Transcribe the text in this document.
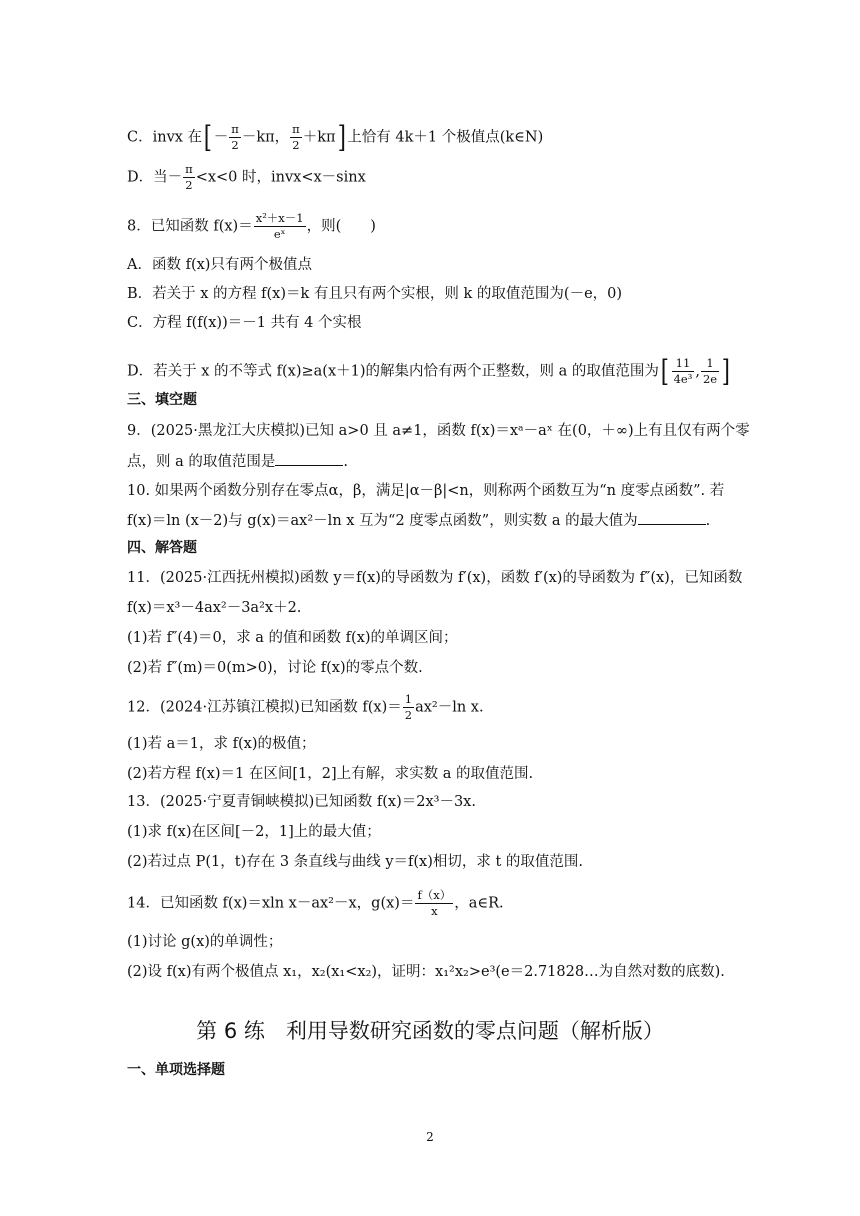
C．invx 在[ － $\frac{\pi}{2} -k\pi$， $\frac{\pi}{2} +k\pi$] 上恰有 4k＋1 个极值点(k∈N)
D．当－ $\frac{\pi}{2} <x<0$ 时，invx<x－sinx
8．已知函数 $f(x)= \frac{\text{x²＋x－1}}{\text{eˣ}}$ ，则(　　)
A．函数 f(x)只有两个极值点
B．若关于 x 的方程 f(x)＝k 有且只有两个实根，则 k 的取值范围为(－e，0)
C．方程 f(f(x))＝－1 共有 4 个实根
D．若关于 x 的不等式 f(x)≥a(x＋1)的解集内恰有两个正整数，则 a 的取值范围为[ $\frac{11}{\text{4e³}}$ , $\frac{1}{2e}$ ]
三、填空题
9．(2025·黑龙江大庆模拟)已知 a>0 且 a≠1，函数 f(x)＝xᵃ－aˣ 在(0，＋∞)上有且仅有两个零
点，则 a 的取值范围是	.
10. 如果两个函数分别存在零点α，β，满足|α－β|<n，则称两个函数互为“n 度零点函数”. 若
f(x)＝ln (x－2)与 g(x)＝ax²－ln x 互为“2 度零点函数”，则实数 a 的最大值为	.
四、解答题
11．(2025·江西抚州模拟)函数 y＝f(x)的导函数为 f′(x)，函数 f′(x)的导函数为 f″(x)，已知函数
f(x)＝x³－4ax²－3a²x＋2.
(1)若 f″(4)＝0，求 a 的值和函数 f(x)的单调区间；
(2)若 f″(m)＝0(m>0)，讨论 f(x)的零点个数.
12．(2024·江苏镇江模拟)已知函数 $f(x)= \frac{1}{2} ax^2-\ln$ x.
(1)若 a＝1，求 f(x)的极值；
(2)若方程 f(x)＝1 在区间[1，2]上有解，求实数 a 的取值范围.
13．(2025·宁夏青铜峡模拟)已知函数 f(x)＝2x³－3x.
(1)求 f(x)在区间[－2，1]上的最大值；
(2)若过点 P(1，t)存在 3 条直线与曲线 y＝f(x)相切，求 t 的取值范围.
14．已知函数 f(x)＝xln x－ax²－x，$g(x)= \frac{f(x)}{x}$ ，a∈R.
(1)讨论 g(x)的单调性；
(2)设 f(x)有两个极值点 x₁，x₂(x₁<x₂)，证明：x₁²x₂>e³(e＝2.71828…为自然对数的底数).
第 6 练　利用导数研究函数的零点问题（解析版）
一、单项选择题
2
